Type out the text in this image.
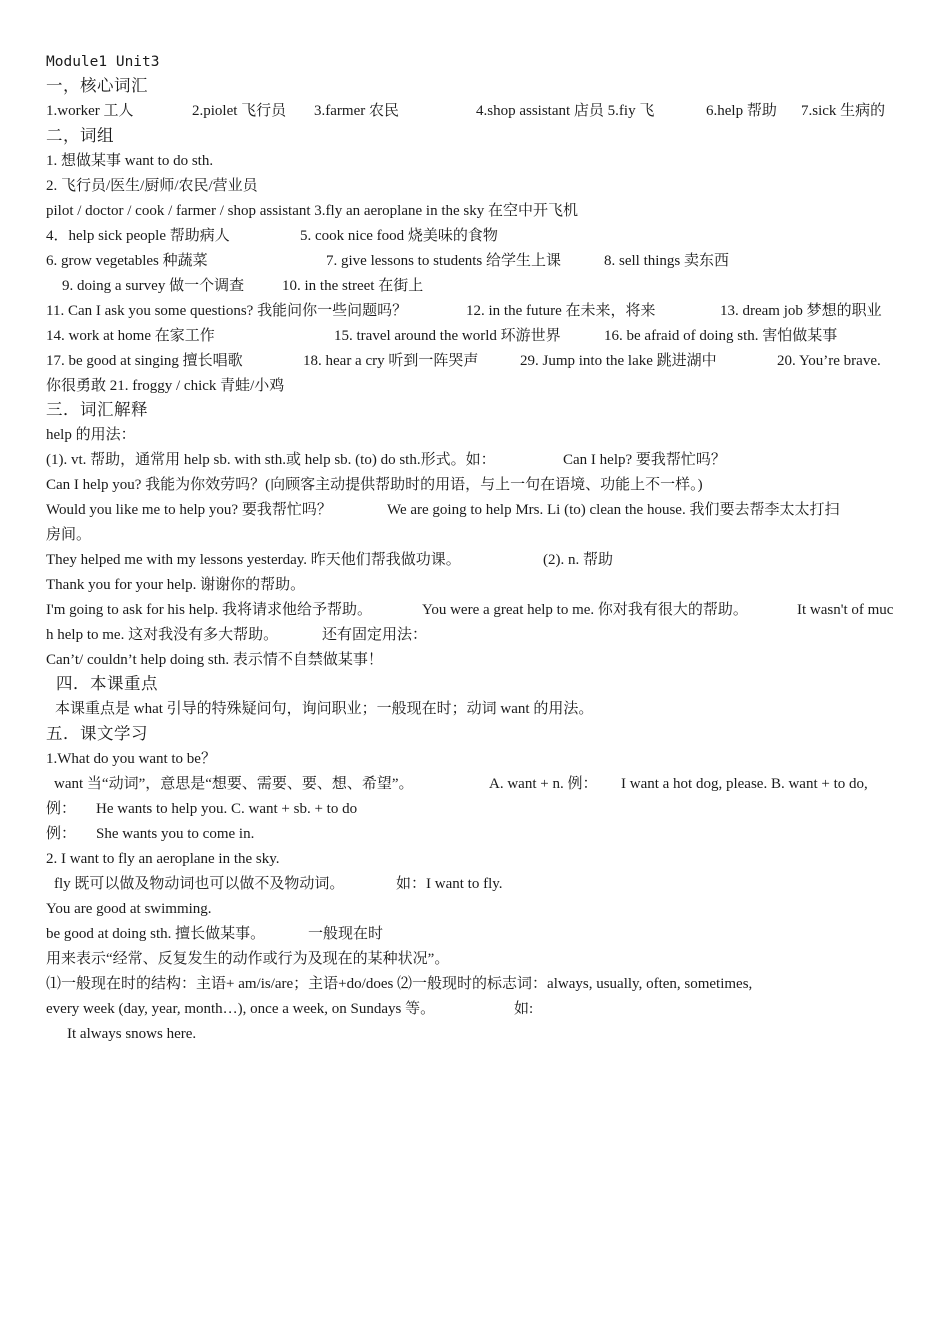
Module1 Unit3
一，核心词汇
1.worker 工人	2.piolet 飞行员 3.farmer 农民	4.shop assistant 店员 5.fiy 飞	6.help 帮助 7.sick 生病的
二，词组
1. 想做某事 want to do sth.
2. 飞行员/医生/厨师/农民/营业员
pilot / doctor / cook / farmer / shop assistant 3.fly an aeroplane in the sky 在空中开飞机
4．help sick people 帮助病人	5. cook nice food 烧美味的食物
6. grow vegetables 种蔬菜	7. give lessons to students 给学生上课	8. sell things 卖东西
9. doing a survey 做一个调查	10. in the street 在街上
11. Can I ask you some questions? 我能问你一些问题吗？	12. in the future 在未来，将来	13. dream job 梦想的职业
14. work at home 在家工作	15. travel around the world 环游世界	16. be afraid of doing sth. 害怕做某事
17. be good at singing 擅长唱歌	18. hear a cry 听到一阵哭声	29. Jump into the lake 跳进湖中	20. You’re brave.
你很勇敢 21. froggy / chick 青蛙/小鸡
三．词汇解释
help 的用法：
(1). vt. 帮助，通常用 help sb. with sth.或 help sb. (to) do sth.形式。如：	Can I help? 要我帮忙吗？
Can I help you? 我能为你效劳吗？(向顾客主动提供帮助时的用语，与上一句在语境、功能上不一样。)
Would you like me to help you? 要我帮忙吗？	We are going to help Mrs. Li (to) clean the house. 我们要去帮李太太打扫
房间。
They helped me with my lessons yesterday. 昨天他们帮我做功课。	(2). n. 帮助
Thank you for your help. 谢谢你的帮助。
I'm going to ask for his help. 我将请求他给予帮助。	You were a great help to me. 你对我有很大的帮助。	It wasn't of muc
h help to me. 这对我没有多大帮助。	还有固定用法：
Can’t/ couldn’t help doing sth. 表示情不自禁做某事！
四．本课重点
本课重点是 what 引导的特殊疑问句，询问职业；一般现在时；动词 want 的用法。
五．课文学习
1.What do you want to be？
want 当“动词”，意思是“想要、需要、要、想、希望”。	A. want + n. 例： I want a hot dog, please. B. want + to do,
例： He wants to help you. C. want + sb. + to do
例： She wants you to come in.
2. I want to fly an aeroplane in the sky.
fly 既可以做及物动词也可以做不及物动词。	如：I want to fly.
You are good at swimming.
be good at doing sth. 擅长做某事。	一般现在时
用来表示“经常、反复发生的动作或行为及现在的某种状况”。
⑴一般现在时的结构：主语+ am/is/are；主语+do/does ⑵一般现时的标志词：always, usually, often, sometimes,
every week (day, year, month…), once a week, on Sundays 等。	如:
It always snows here.
